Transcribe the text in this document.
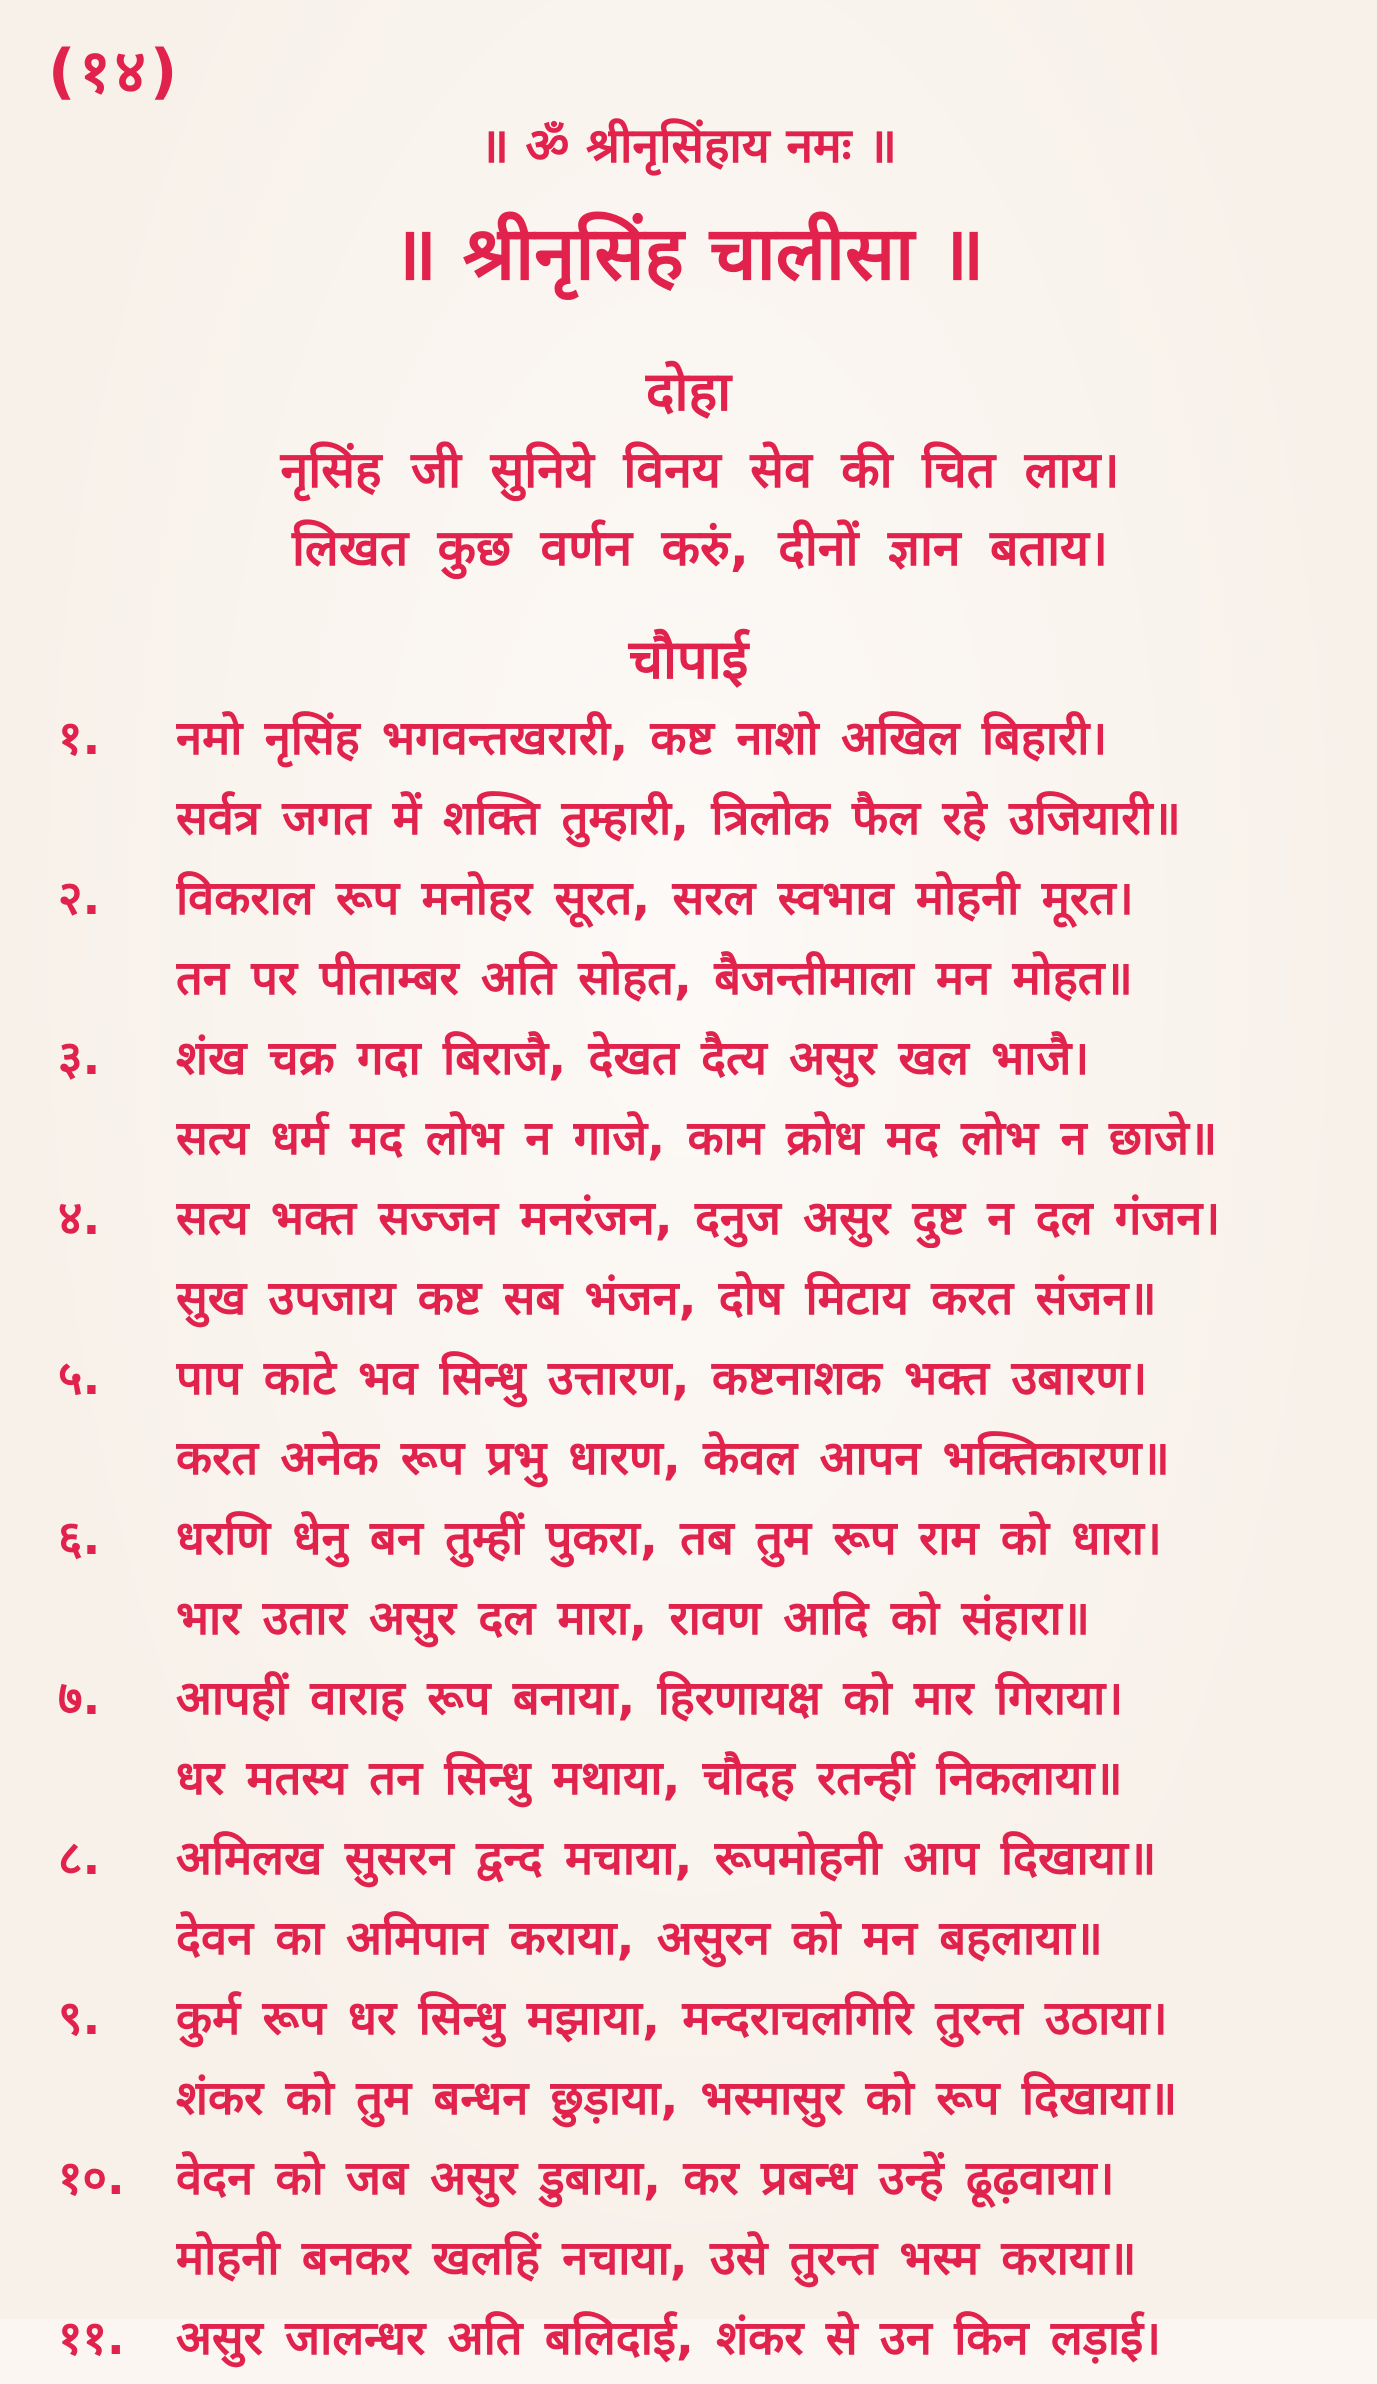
(१४)
॥ ॐ श्रीनृसिंहाय नमः ॥
॥ श्रीनृसिंह चालीसा ॥
दोहा
नृसिंह जी सुनिये विनय सेव की चित लाय।
लिखत कुछ वर्णन करुं, दीनों ज्ञान बताय।
चौपाई
१.	नमो नृसिंह भगवन्तखरारी, कष्ट नाशो अखिल बिहारी।
सर्वत्र जगत में शक्ति तुम्हारी, त्रिलोक फैल रहे उजियारी॥
२.	विकराल रूप मनोहर सूरत, सरल स्वभाव मोहनी मूरत।
तन पर पीताम्बर अति सोहत, बैजन्तीमाला मन मोहत॥
३.	शंख चक्र गदा बिराजै, देखत दैत्य असुर खल भाजै।
सत्य धर्म मद लोभ न गाजे, काम क्रोध मद लोभ न छाजे॥
४.	सत्य भक्त सज्जन मनरंजन, दनुज असुर दुष्ट न दल गंजन।
सुख उपजाय कष्ट सब भंजन, दोष मिटाय करत संजन॥
५.	पाप काटे भव सिन्धु उत्तारण, कष्टनाशक भक्त उबारण।
करत अनेक रूप प्रभु धारण, केवल आपन भक्तिकारण॥
६.	धरणि धेनु बन तुम्हीं पुकरा, तब तुम रूप राम को धारा।
भार उतार असुर दल मारा, रावण आदि को संहारा॥
७.	आपहीं वाराह रूप बनाया, हिरणायक्ष को मार गिराया।
धर मतस्य तन सिन्धु मथाया, चौदह रतन्हीं निकलाया॥
८.	अमिलख सुसरन द्वन्द मचाया, रूपमोहनी आप दिखाया॥
देवन का अमिपान कराया, असुरन को मन बहलाया॥
९.	कुर्म रूप धर सिन्धु मझाया, मन्दराचलगिरि तुरन्त उठाया।
शंकर को तुम बन्धन छुड़ाया, भस्मासुर को रूप दिखाया॥
१०.	वेदन को जब असुर डुबाया, कर प्रबन्ध उन्हें ढूढ़वाया।
मोहनी बनकर खलहिं नचाया, उसे तुरन्त भस्म कराया॥
११.	असुर जालन्धर अति बलिदाई, शंकर से उन किन लड़ाई।
